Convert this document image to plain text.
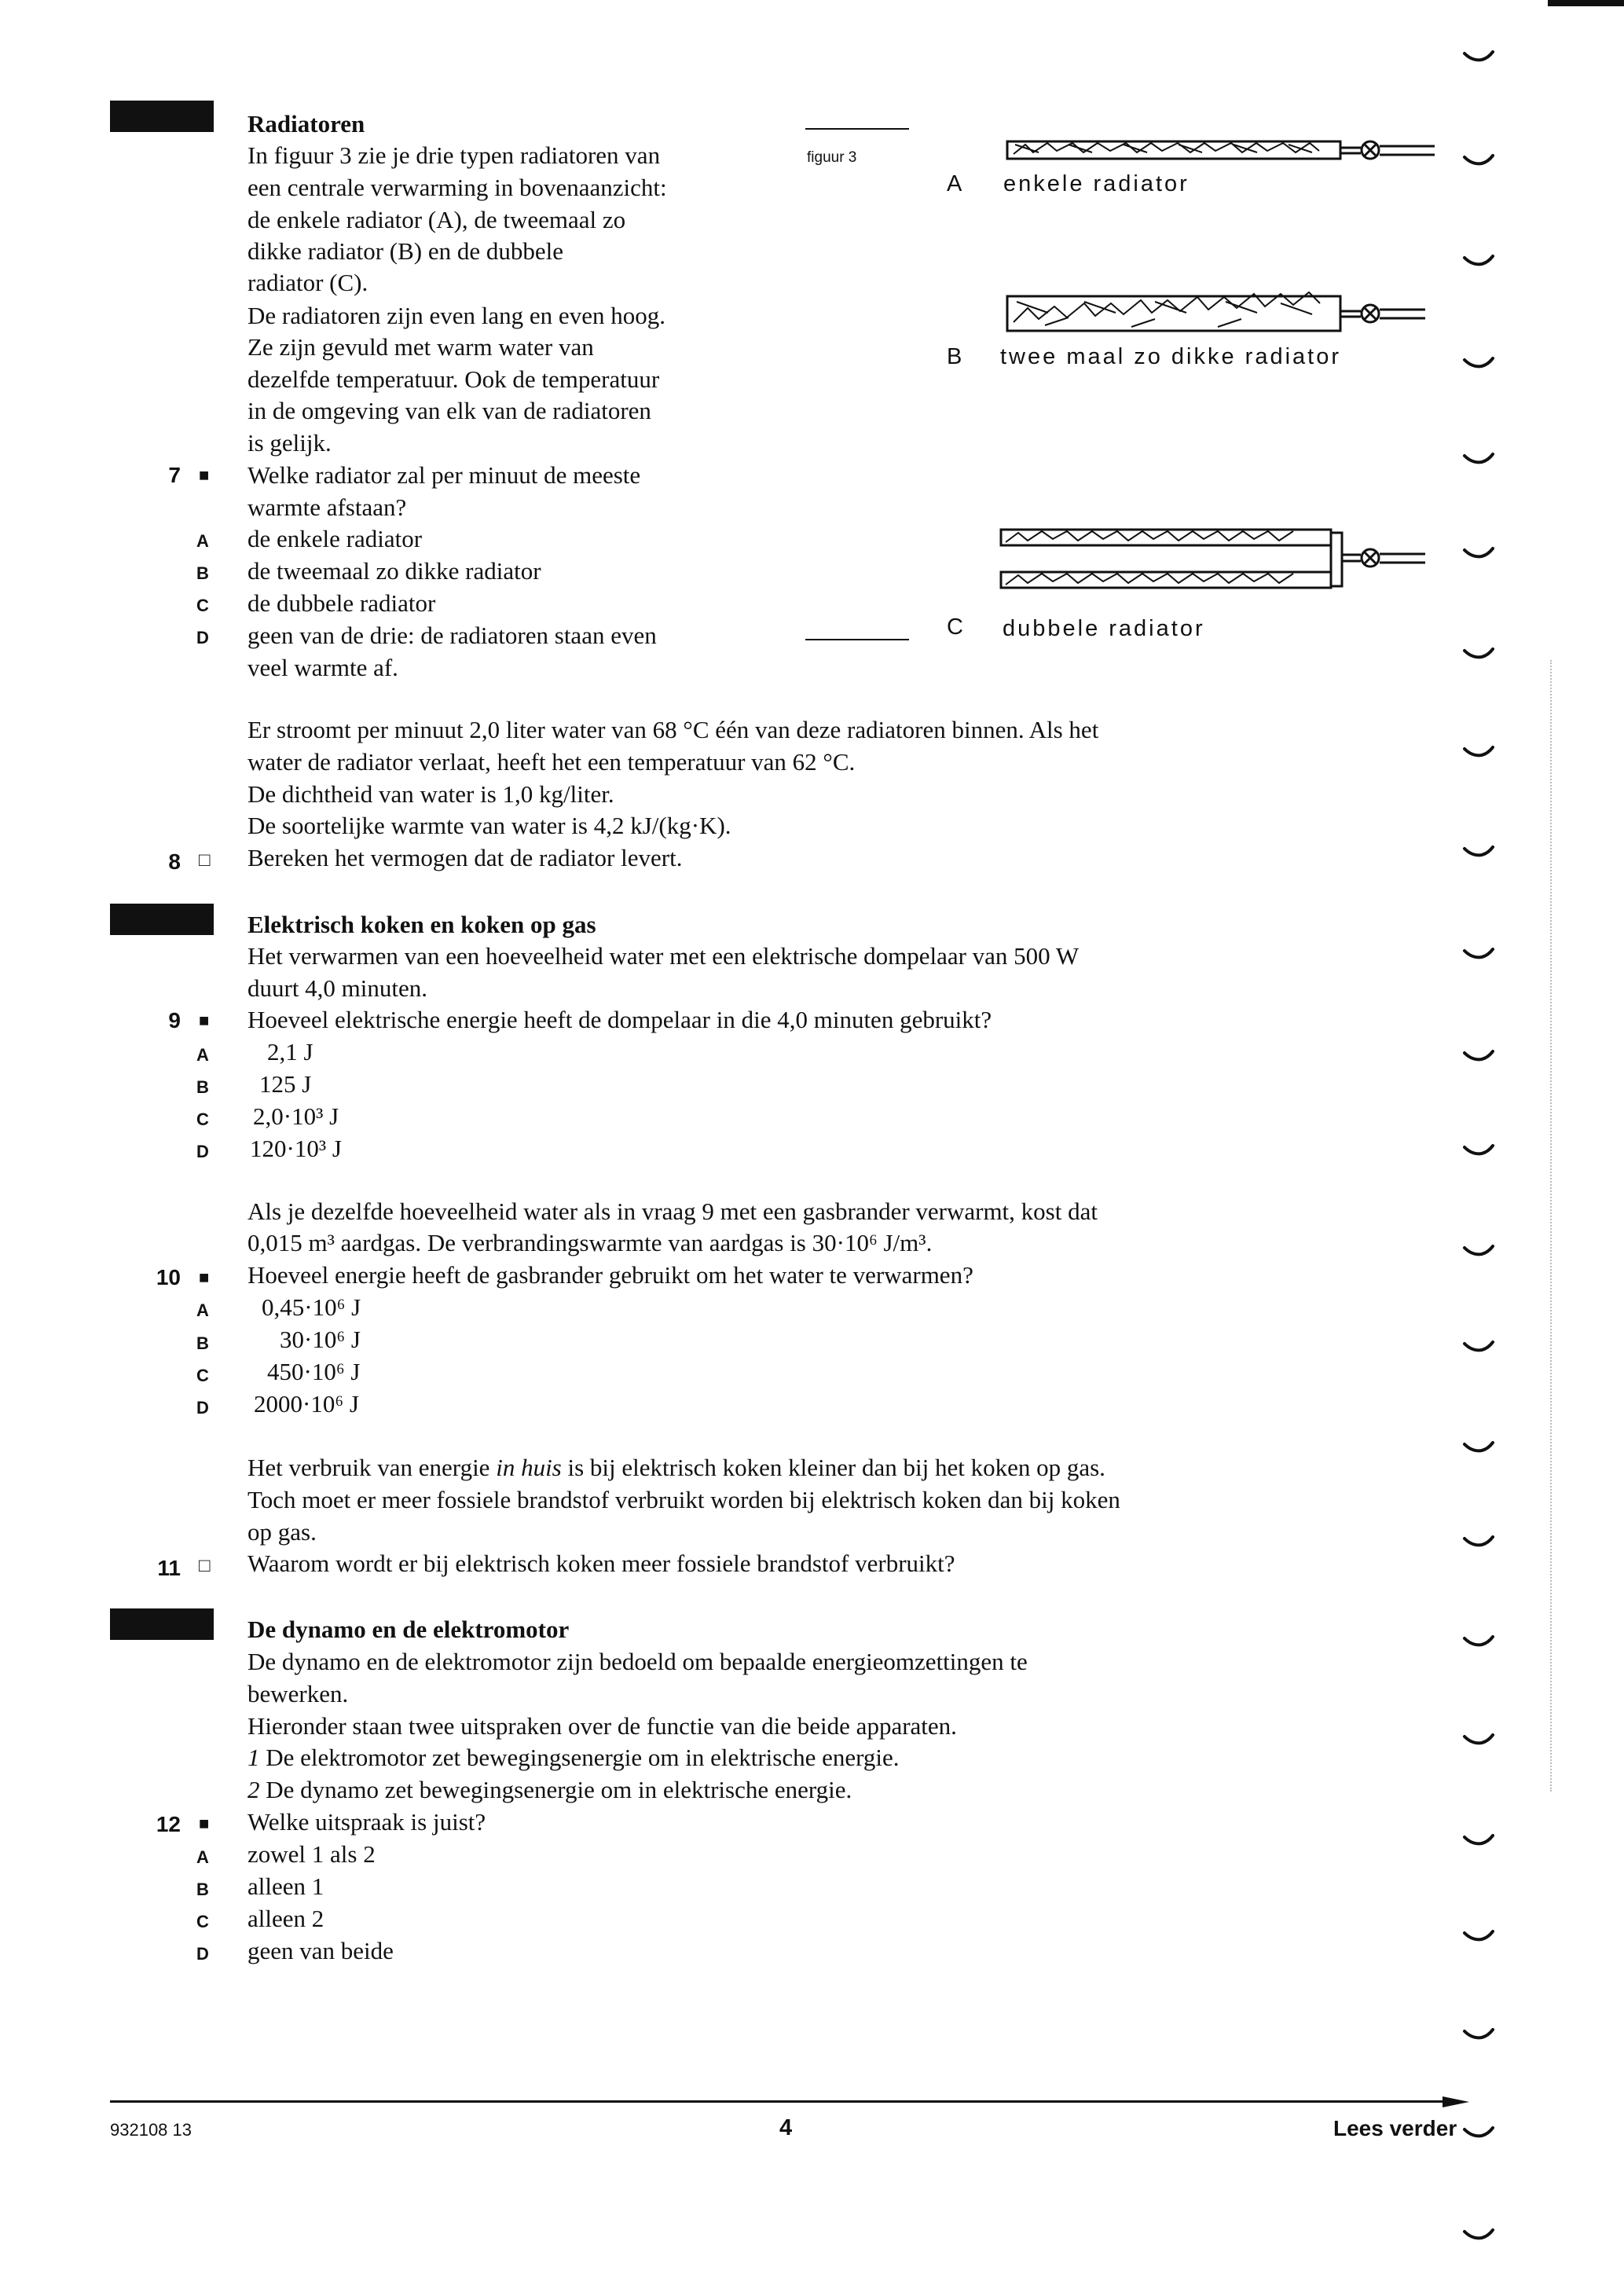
Radiatoren
In figuur 3 zie je drie typen radiatoren van
een centrale verwarming in bovenaanzicht:
de enkele radiator (A), de tweemaal zo
dikke radiator (B) en de dubbele
radiator (C).
De radiatoren zijn even lang en even hoog.
Ze zijn gevuld met warm water van
dezelfde temperatuur. Ook de temperatuur
in de omgeving van elk van de radiatoren
is gelijk.
7 ■ Welke radiator zal per minuut de meeste
warmte afstaan?
A de enkele radiator
B de tweemaal zo dikke radiator
C de dubbele radiator
D geen van de drie: de radiatoren staan even
veel warmte af.
figuur 3
A enkele radiator
B twee maal zo dikke radiator
C dubbele radiator
Er stroomt per minuut 2,0 liter water van 68 °C één van deze radiatoren binnen. Als het
water de radiator verlaat, heeft het een temperatuur van 62 °C.
De dichtheid van water is 1,0 kg/liter.
De soortelijke warmte van water is 4,2 kJ/(kg·K).
8 □ Bereken het vermogen dat de radiator levert.
Elektrisch koken en koken op gas
Het verwarmen van een hoeveelheid water met een elektrische dompelaar van 500 W
duurt 4,0 minuten.
9 ■ Hoeveel elektrische energie heeft de dompelaar in die 4,0 minuten gebruikt?
A 2,1 J
B 125 J
C 2,0·10³ J
D 120·10³ J
Als je dezelfde hoeveelheid water als in vraag 9 met een gasbrander verwarmt, kost dat
0,015 m³ aardgas. De verbrandingswarmte van aardgas is 30·10⁶ J/m³.
10 ■ Hoeveel energie heeft de gasbrander gebruikt om het water te verwarmen?
A 0,45·10⁶ J
B	30·10⁶ J
C 450·10⁶ J
D 2000·10⁶ J
Het verbruik van energie in huis is bij elektrisch koken kleiner dan bij het koken op gas.
Toch moet er meer fossiele brandstof verbruikt worden bij elektrisch koken dan bij koken
op gas.
11 □ Waarom wordt er bij elektrisch koken meer fossiele brandstof verbruikt?
De dynamo en de elektromotor
De dynamo en de elektromotor zijn bedoeld om bepaalde energieomzettingen te
bewerken.
Hieronder staan twee uitspraken over de functie van die beide apparaten.
1 De elektromotor zet bewegingsenergie om in elektrische energie.
2 De dynamo zet bewegingsenergie om in elektrische energie.
12 ■ Welke uitspraak is juist?
A zowel 1 als 2
B alleen 1
C alleen 2
D geen van beide
932108 13	4	Lees verder
